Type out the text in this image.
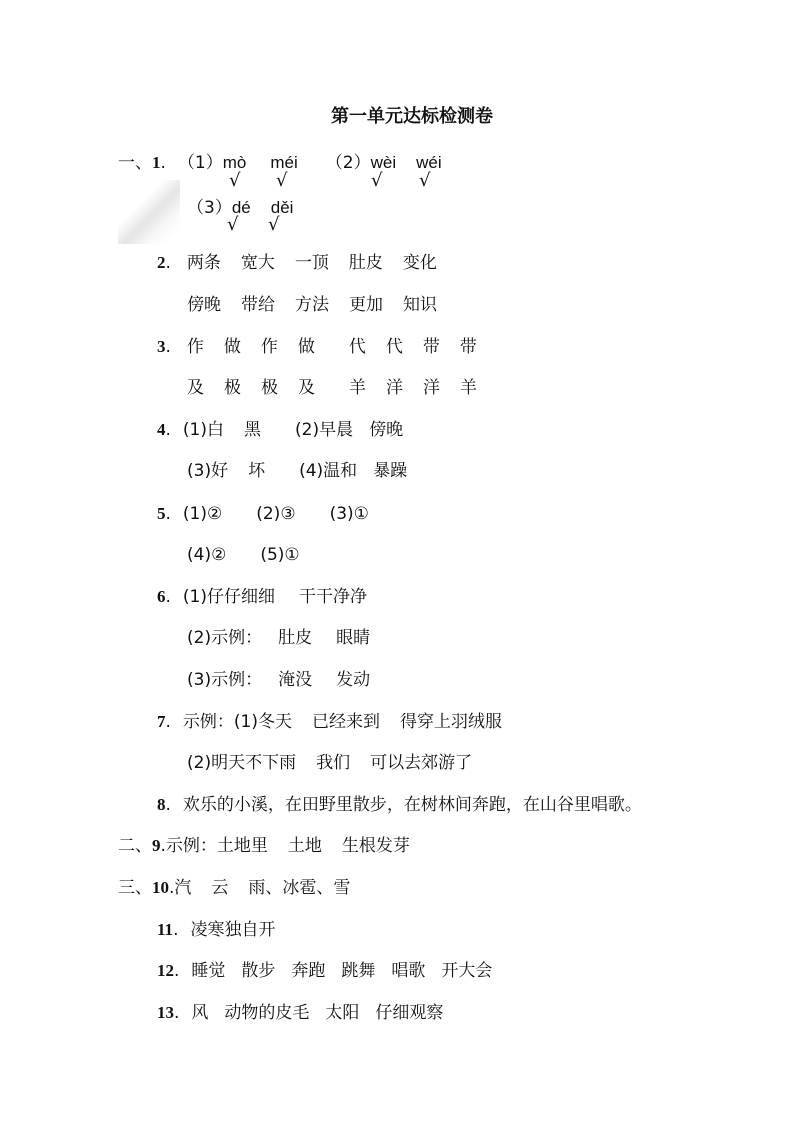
第一单元达标检测卷
一、1. （1）mò méi （2）wèi wéi
√ √	√ √
（3）dé děi
√ √
2. 两条 宽大 一顶 肚皮 变化
傍晚 带给 方法 更加 知识
3. 作 做 作 做 代 代 带 带
及 极 极 及 羊 洋 洋 羊
4. (1)白 黑 (2)早晨 傍晚
(3)好 坏 (4)温和 暴躁
5. (1)② (2)③ (3)①
(4)② (5)①
6. (1)仔仔细细 干干净净
(2)示例： 肚皮 眼睛
(3)示例： 淹没 发动
7. 示例：(1)冬天 已经来到 得穿上羽绒服
(2)明天不下雨 我们 可以去郊游了
8. 欢乐的小溪，在田野里散步，在树林间奔跑，在山谷里唱歌。
二、9.示例：土地里 土地 生根发芽
三、10.汽 云 雨、冰雹、雪
11. 凌寒独自开
12. 睡觉 散步 奔跑 跳舞 唱歌 开大会
13. 风 动物的皮毛 太阳 仔细观察
